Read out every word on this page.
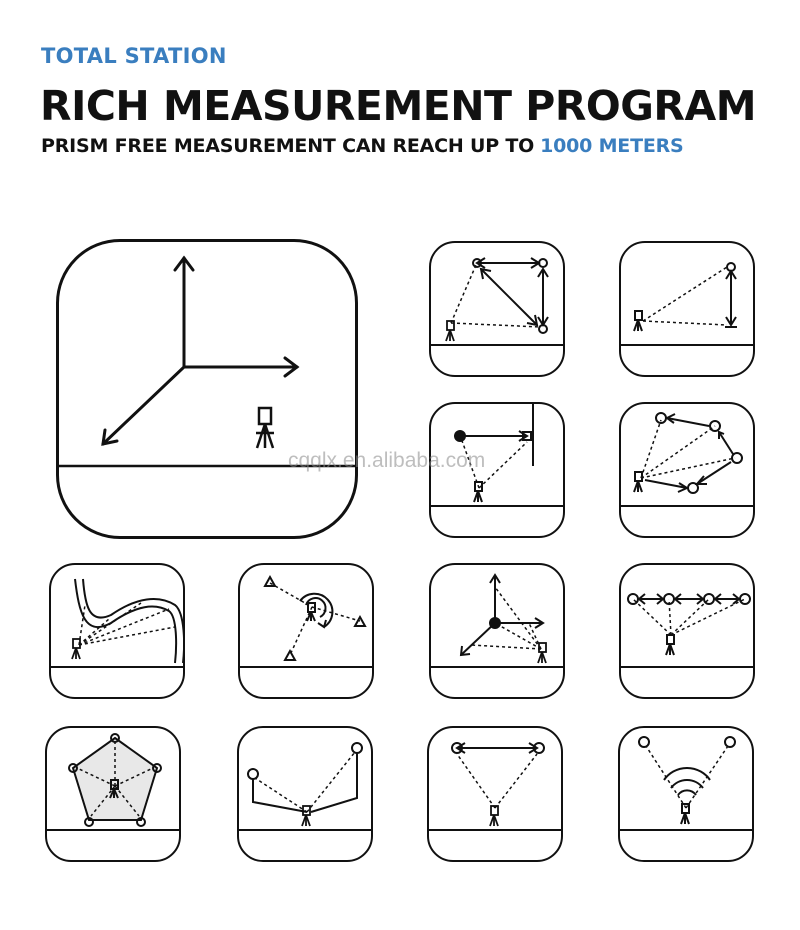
TOTAL STATION
RICH MEASUREMENT PROGRAM
PRISM FREE MEASUREMENT CAN REACH UP TO 1000 METERS
cqqlx.en.alibaba.com
